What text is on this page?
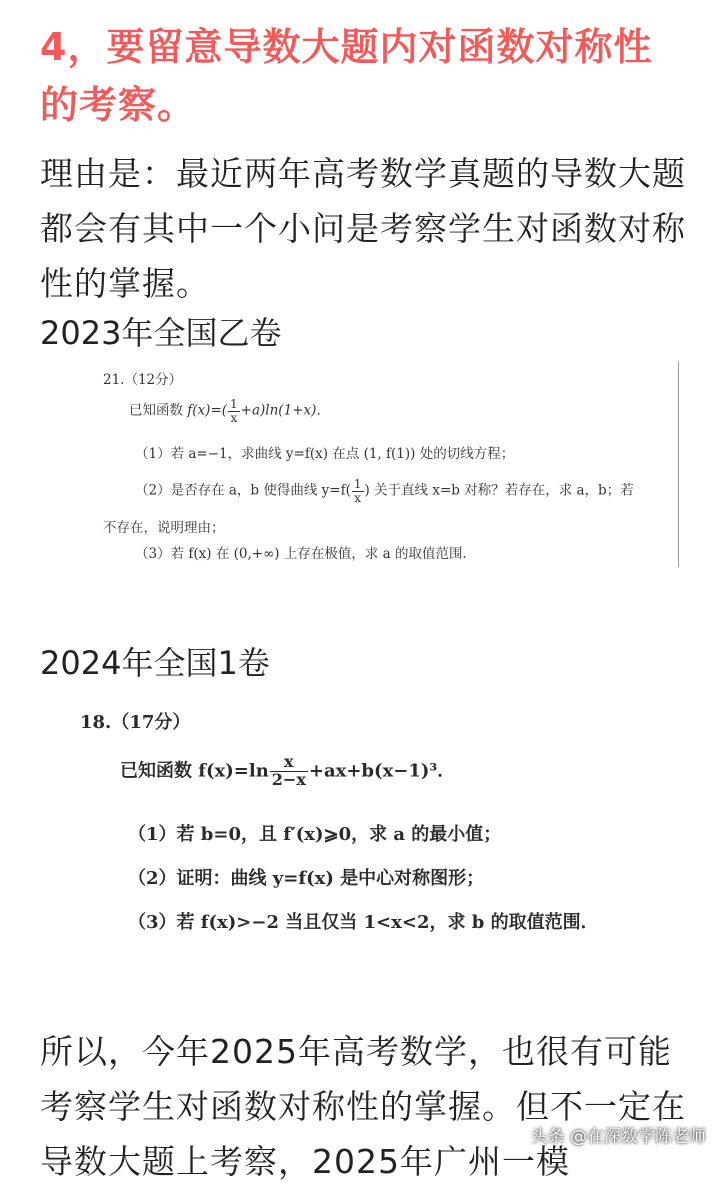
4，要留意导数大题内对函数对称性的考察。
理由是：最近两年高考数学真题的导数大题都会有其中一个小问是考察学生对函数对称性的掌握。
2023年全国乙卷
21.（12分）
已知函数 $f(x)=( \frac{1}{x} +a)\ln(1+x)$．
（1）若 a=−1，求曲线 y=f(x) 在点 (1, f(1)) 处的切线方程；
（2）是否存在 a，b 使得曲线 $y=f( \frac{1}{x}$ ) 关于直线 x=b 对称？若存在，求 a，b；若
不存在，说明理由；
（3）若 f(x) 在 (0,+∞) 上存在极值，求 a 的取值范围．
2024年全国1卷
18.（17分）
已知函数 $f(x)=\ln \frac{x}{2-x} +ax+b(x-1)^3$．
（1）若 b=0，且 f′(x)⩾0，求 a 的最小值；
（2）证明：曲线 y=f(x) 是中心对称图形；
（3）若 f(x)>−2 当且仅当 1<x<2，求 b 的取值范围．
所以，今年2025年高考数学，也很有可能考察学生对函数对称性的掌握。但不一定在导数大题上考察，2025年广州一模
头条 @在深数学陈老师
